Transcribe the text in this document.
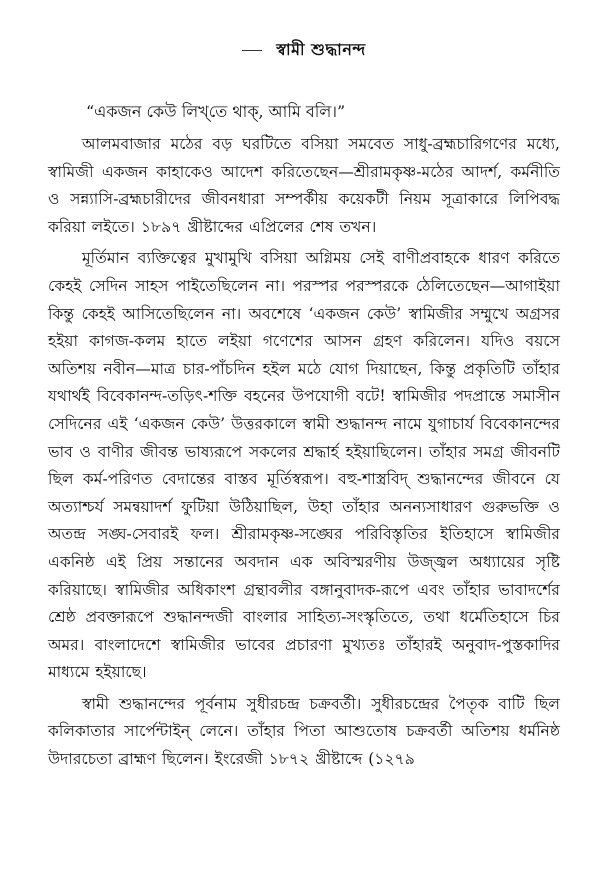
স্বামী শুদ্ধানন্দ
“একজন কেউ লিখ্‌তে থাক্‌, আমি বলি।”

আলমবাজার মঠের বড় ঘরটিতে বসিয়া সমবেত সাধু-ব্রহ্মচারিগণের মধ্যে, স্বামিজী একজন কাহাকেও আদেশ করিতেছেন—শ্রীরামকৃষ্ণ-মঠের আদর্শ, কর্মনীতি ও সন্ন্যাসি-ব্রহ্মচারীদের জীবনধারা সম্পর্কীয় কয়েকটী নিয়ম সূত্রাকারে লিপিবদ্ধ করিয়া লইতে। ১৮৯৭ খ্রীষ্টাব্দের এপ্রিলের শেষ তখন।

মূর্তিমান ব্যক্তিত্বের মুখামুখি বসিয়া অগ্নিময় সেই বাণীপ্রবাহকে ধারণ করিতে কেহই সেদিন সাহস পাইতেছিলেন না। পরস্পর পরস্পরকে ঠেলিতেছেন—আগাইয়া কিন্তু কেহই আসিতেছিলেন না। অবশেষে ‘একজন কেউ’ স্বামিজীর সম্মুখে অগ্রসর হইয়া কাগজ-কলম হাতে লইয়া গণেশের আসন গ্রহণ করিলেন। যদিও বয়সে অতিশয় নবীন—মাত্র চার-পাঁচদিন হইল মঠে যোগ দিয়াছেন, কিন্তু প্রকৃতিটি তাঁহার যথার্থই বিবেকানন্দ-তড়িৎ-শক্তি বহনের উপযোগী বটে! স্বামিজীর পদপ্রান্তে সমাসীন সেদিনের এই ‘একজন কেউ’ উত্তরকালে স্বামী শুদ্ধানন্দ নামে যুগাচার্য বিবেকানন্দের ভাব ও বাণীর জীবন্ত ভাষ্যরূপে সকলের শ্রদ্ধার্হ হইয়াছিলেন। তাঁহার সমগ্র জীবনটি ছিল কর্ম-পরিণত বেদান্তের বাস্তব মূর্তিস্বরূপ। বহু-শাস্ত্রবিদ্‌ শুদ্ধানন্দের জীবনে যে অত্যাশ্চর্য সমন্বয়াদর্শ ফুটিয়া উঠিয়াছিল, উহা তাঁহার অনন্যসাধারণ গুরুভক্তি ও অতন্দ্র সঙ্ঘ-সেবারই ফল। শ্রীরামকৃষ্ণ-সঙ্ঘের পরিবিস্তৃতির ইতিহাসে স্বামিজীর একনিষ্ঠ এই প্রিয় সন্তানের অবদান এক অবিস্মরণীয় উজ্জ্বল অধ্যায়ের সৃষ্টি করিয়াছে। স্বামিজীর অধিকাংশ গ্রন্থাবলীর বঙ্গানুবাদক-রূপে এবং তাঁহার ভাবাদর্শের শ্রেষ্ঠ প্রবক্তারূপে শুদ্ধানন্দজী বাংলার সাহিত্য-সংস্কৃতিতে, তথা ধর্মেতিহাসে চির অমর। বাংলাদেশে স্বামিজীর ভাবের প্রচারণা মুখ্যতঃ তাঁহারই অনুবাদ-পুস্তকাদির মাধ্যমে হইয়াছে।

স্বামী শুদ্ধানন্দের পূর্বনাম সুধীরচন্দ্র চক্রবর্তী। সুধীরচন্দ্রের পৈতৃক বাটি ছিল কলিকাতার সার্পেন্টাইন্‌ লেনে। তাঁহার পিতা আশুতোষ চক্রবর্তী অতিশয় ধর্মনিষ্ঠ উদারচেতা ব্রাহ্মণ ছিলেন। ইংরেজী ১৮৭২ খ্রীষ্টাব্দে (১২৭৯
